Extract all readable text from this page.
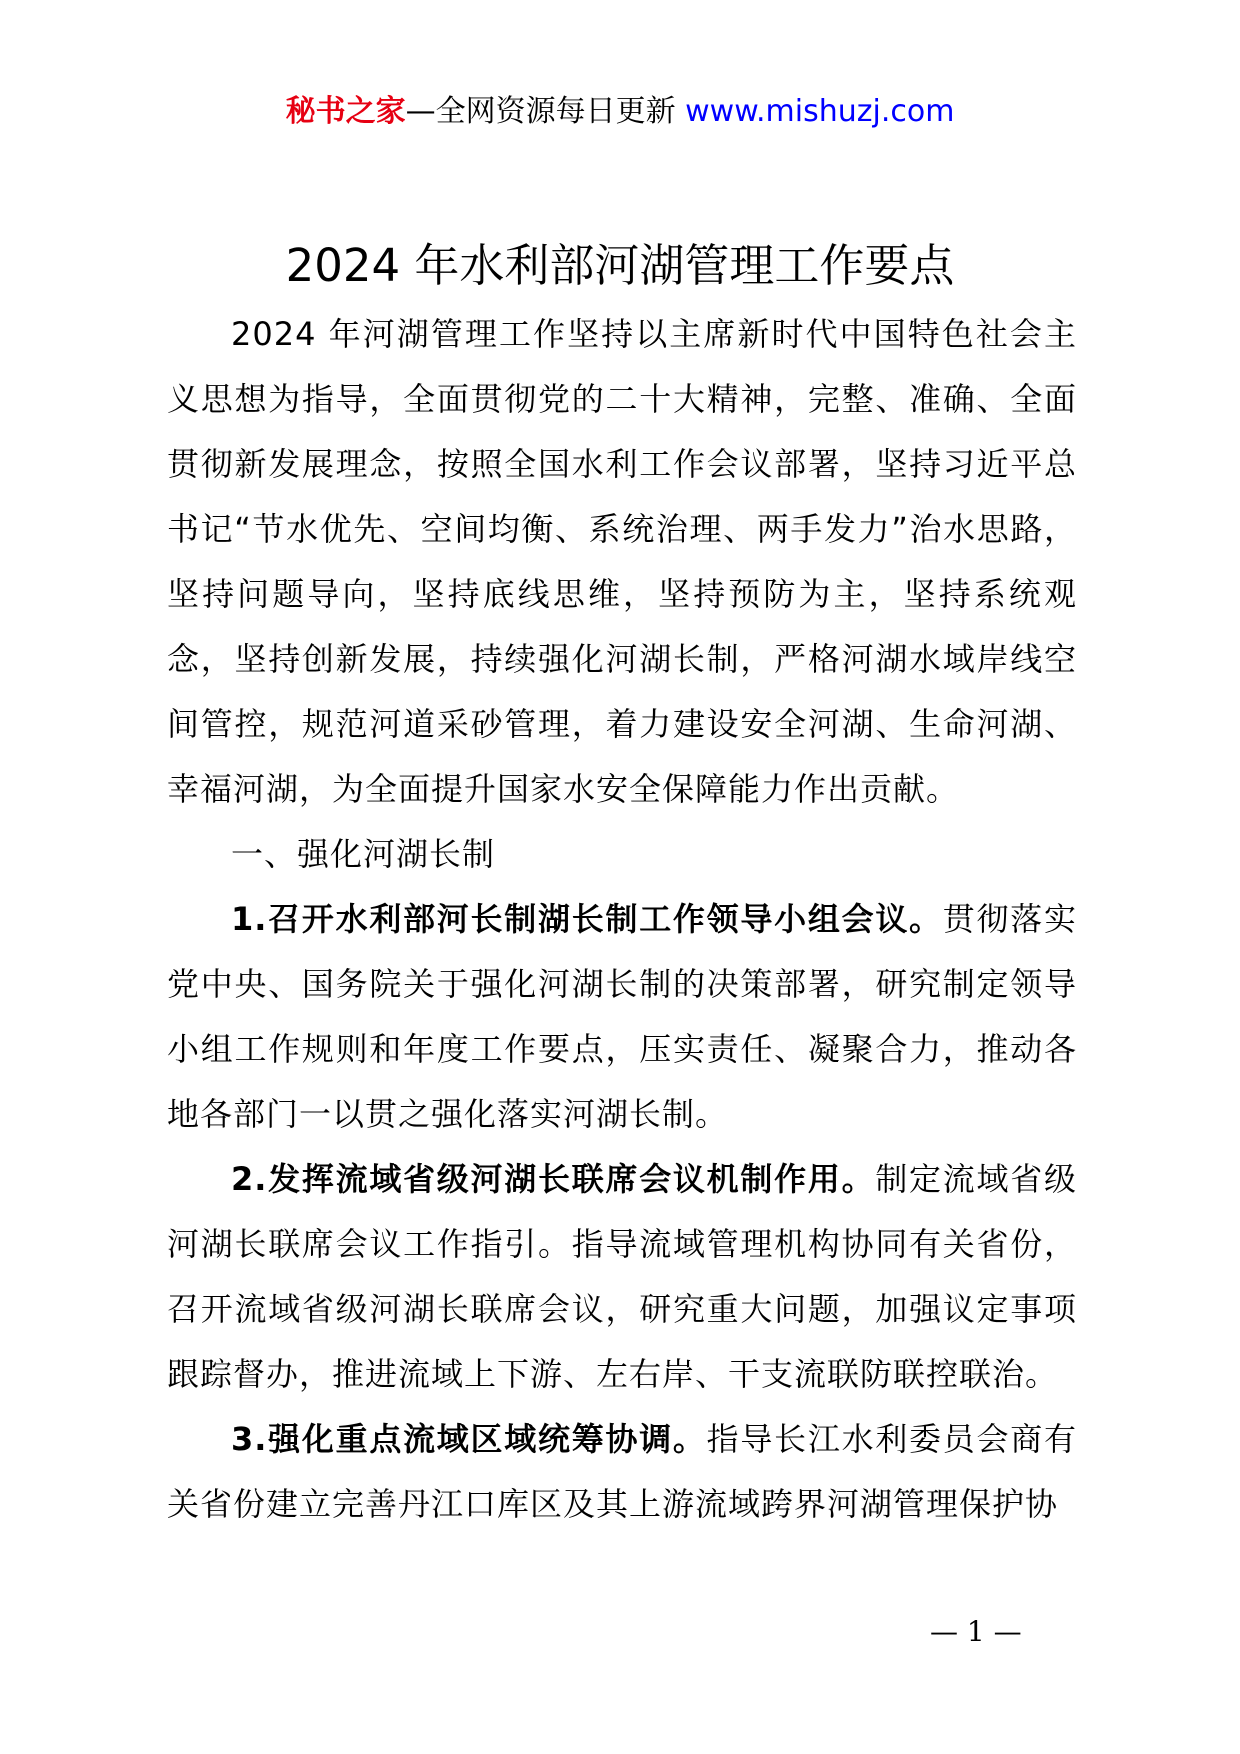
秘书之家—全网资源每日更新 www.mishuzj.com
2024 年水利部河湖管理工作要点

2024 年河湖管理工作坚持以主席新时代中国特色社会主义思想为指导，全面贯彻党的二十大精神，完整、准确、全面贯彻新发展理念，按照全国水利工作会议部署，坚持习近平总书记“节水优先、空间均衡、系统治理、两手发力”治水思路，坚持问题导向，坚持底线思维，坚持预防为主，坚持系统观念，坚持创新发展，持续强化河湖长制，严格河湖水域岸线空间管控，规范河道采砂管理，着力建设安全河湖、生命河湖、幸福河湖，为全面提升国家水安全保障能力作出贡献。

一、强化河湖长制

1.召开水利部河长制湖长制工作领导小组会议。贯彻落实党中央、国务院关于强化河湖长制的决策部署，研究制定领导小组工作规则和年度工作要点，压实责任、凝聚合力，推动各地各部门一以贯之强化落实河湖长制。

2.发挥流域省级河湖长联席会议机制作用。制定流域省级河湖长联席会议工作指引。指导流域管理机构协同有关省份，召开流域省级河湖长联席会议，研究重大问题，加强议定事项跟踪督办，推进流域上下游、左右岸、干支流联防联控联治。

3.强化重点流域区域统筹协调。指导长江水利委员会商有关省份建立完善丹江口库区及其上游流域跨界河湖管理保护协

— 1 —
